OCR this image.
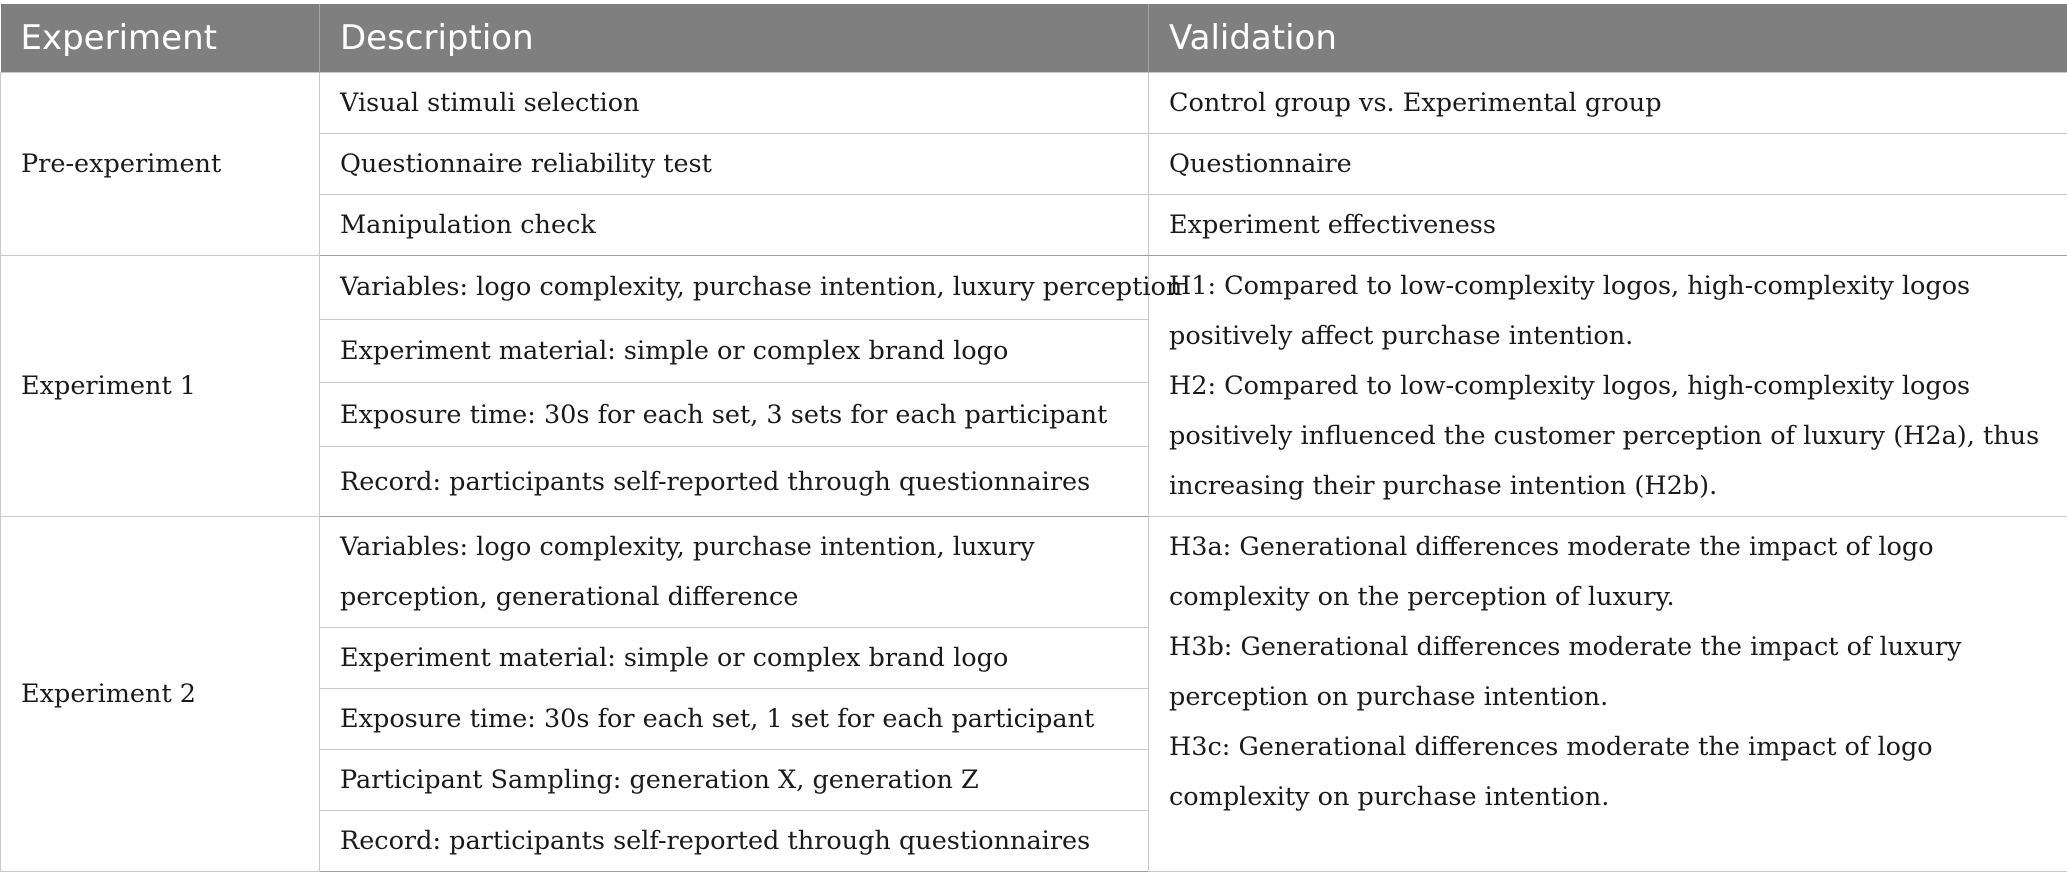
Experiment	Description	Validation
Pre-experiment	Visual stimuli selection	Control group vs. Experimental group
	Questionnaire reliability test	Questionnaire
	Manipulation check	Experiment effectiveness
Experiment 1	Variables: logo complexity, purchase intention, luxury perception	H1: Compared to low-complexity logos, high-complexity logos positively affect purchase intention.
H2: Compared to low-complexity logos, high-complexity logos positively influenced the customer perception of luxury (H2a), thus increasing their purchase intention (H2b).

	Experiment material: simple or complex brand logo	
	Exposure time: 30s for each set, 3 sets for each participant	
	Record: participants self-reported through questionnaires	
Experiment 2	Variables: logo complexity, purchase intention, luxury perception, generational difference	H3a: Generational differences moderate the impact of logo complexity on the perception of luxury.
H3b: Generational differences moderate the impact of luxury perception on purchase intention.
H3c: Generational differences moderate the impact of logo complexity on purchase intention.

	Experiment material: simple or complex brand logo	
	Exposure time: 30s for each set, 1 set for each participant	
	Participant Sampling: generation X, generation Z	
	Record: participants self-reported through questionnaires	
